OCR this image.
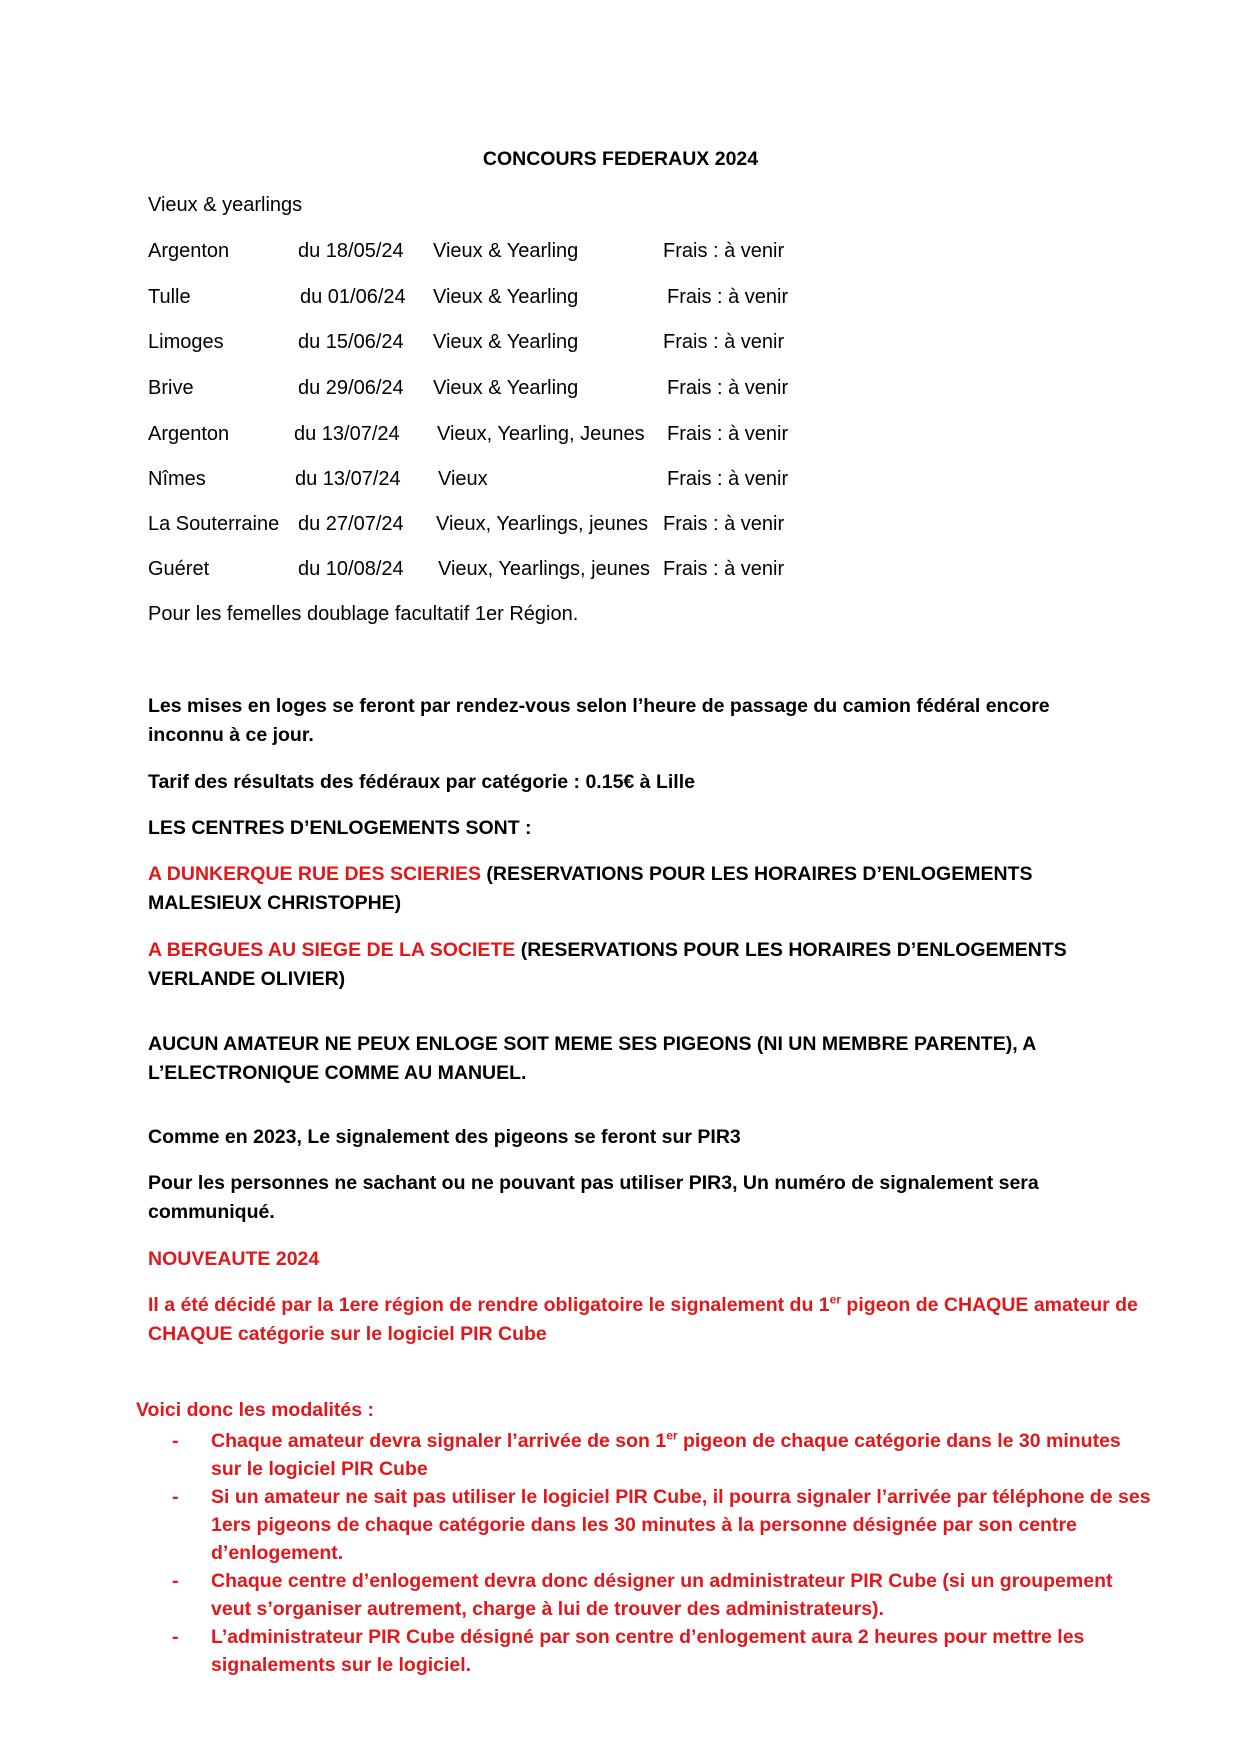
CONCOURS FEDERAUX 2024
Vieux & yearlings
Argenton	du 18/05/24 Vieux & Yearling	Frais : à venir
Tulle	du 01/06/24 Vieux & Yearling	Frais : à venir
Limoges	du 15/06/24 Vieux & Yearling	Frais : à venir
Brive	du 29/06/24 Vieux & Yearling	Frais : à venir
Argenton	du 13/07/24 Vieux, Yearling, Jeunes Frais : à venir
Nîmes	du 13/07/24 Vieux	Frais : à venir
La Souterraine du 27/07/24 Vieux, Yearlings, jeunes Frais : à venir
Guéret	du 10/08/24 Vieux, Yearlings, jeunes Frais : à venir
Pour les femelles doublage facultatif 1er Région.
Les mises en loges se feront par rendez-vous selon l’heure de passage du camion fédéral encore inconnu à ce jour.
Tarif des résultats des fédéraux par catégorie : 0.15€ à Lille
LES CENTRES D’ENLOGEMENTS SONT :
A DUNKERQUE RUE DES SCIERIES (RESERVATIONS POUR LES HORAIRES D’ENLOGEMENTS MALESIEUX CHRISTOPHE)
A BERGUES AU SIEGE DE LA SOCIETE (RESERVATIONS POUR LES HORAIRES D’ENLOGEMENTS VERLANDE OLIVIER)
AUCUN AMATEUR NE PEUX ENLOGE SOIT MEME SES PIGEONS (NI UN MEMBRE PARENTE), A L’ELECTRONIQUE COMME AU MANUEL.
Comme en 2023, Le signalement des pigeons se feront sur PIR3
Pour les personnes ne sachant ou ne pouvant pas utiliser PIR3, Un numéro de signalement sera communiqué.
NOUVEAUTE 2024
Il a été décidé par la 1ere région de rendre obligatoire le signalement du 1er pigeon de CHAQUE amateur de CHAQUE catégorie sur le logiciel PIR Cube
Voici donc les modalités :
- Chaque amateur devra signaler l’arrivée de son 1er pigeon de chaque catégorie dans le 30 minutes sur le logiciel PIR Cube
- Si un amateur ne sait pas utiliser le logiciel PIR Cube, il pourra signaler l’arrivée par téléphone de ses 1ers pigeons de chaque catégorie dans les 30 minutes à la personne désignée par son centre d’enlogement.
- Chaque centre d’enlogement devra donc désigner un administrateur PIR Cube (si un groupement veut s’organiser autrement, charge à lui de trouver des administrateurs).
- L’administrateur PIR Cube désigné par son centre d’enlogement aura 2 heures pour mettre les signalements sur le logiciel.
